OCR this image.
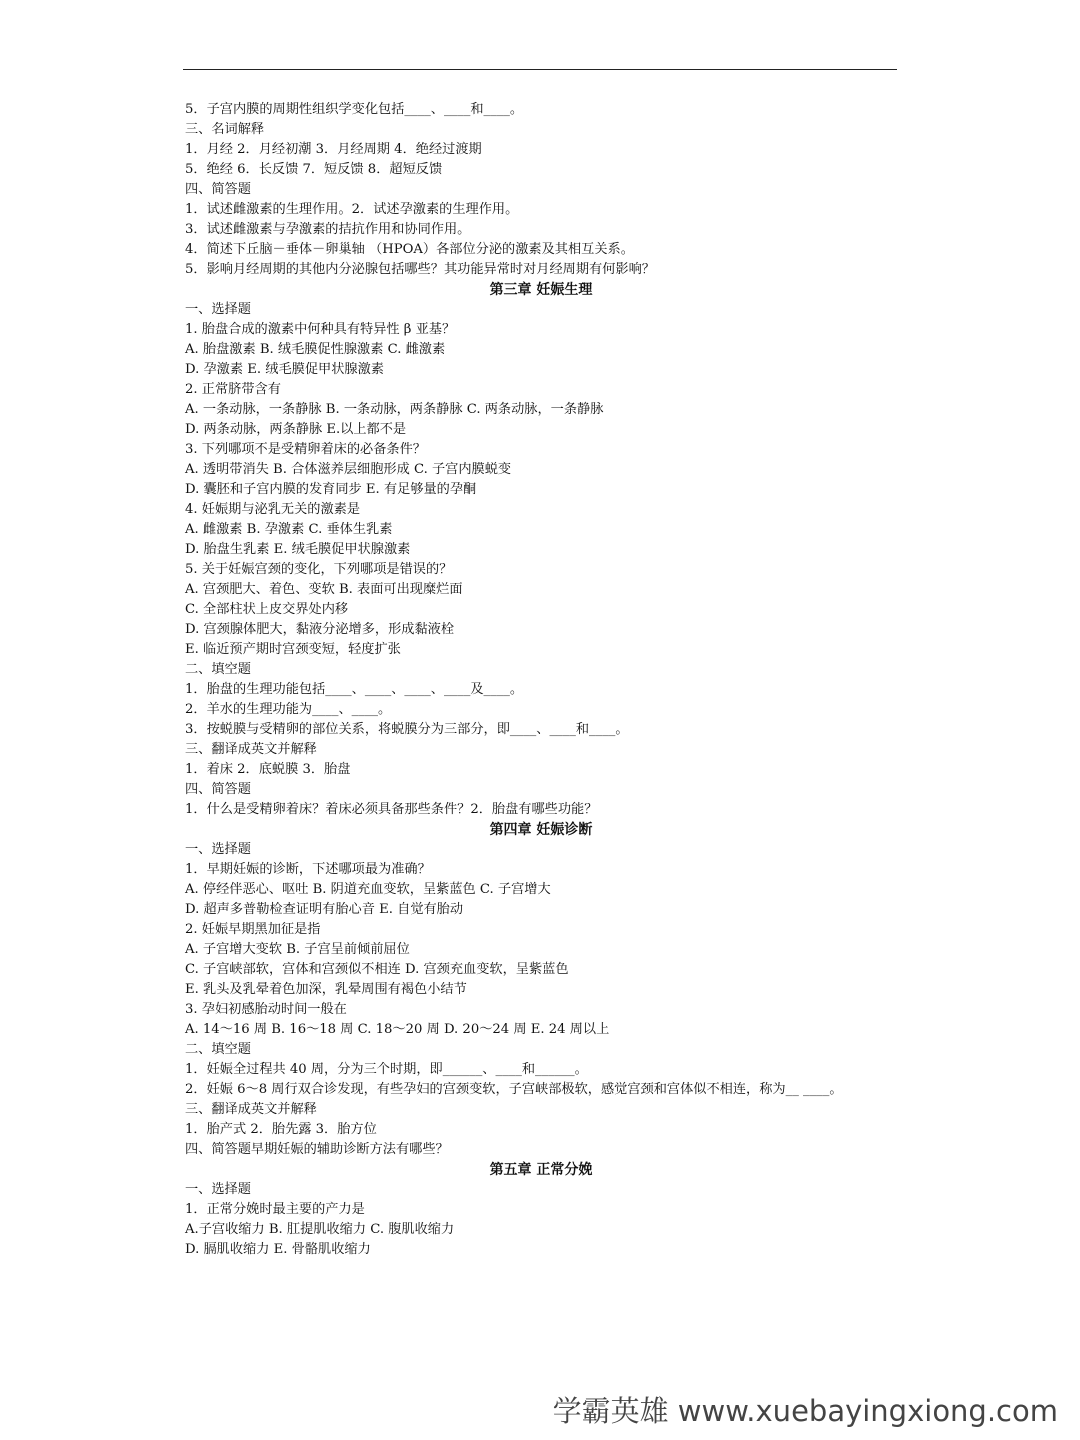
5．子宫内膜的周期性组织学变化包括____、____和____。
三、名词解释
1．月经 2．月经初潮 3．月经周期 4．绝经过渡期
5．绝经 6．长反馈 7．短反馈 8．超短反馈
四、简答题
1．试述雌激素的生理作用。2．试述孕激素的生理作用。
3．试述雌激素与孕激素的拮抗作用和协同作用。
4．简述下丘脑－垂体－卵巢轴 （HPOA）各部位分泌的激素及其相互关系。
5．影响月经周期的其他内分泌腺包括哪些？其功能异常时对月经周期有何影响？
第三章 妊娠生理
一、选择题
1. 胎盘合成的激素中何种具有特异性 β 亚基？
A. 胎盘激素 B. 绒毛膜促性腺激素 C. 雌激素
D. 孕激素 E. 绒毛膜促甲状腺激素
2. 正常脐带含有
A. 一条动脉，一条静脉 B. 一条动脉，两条静脉 C. 两条动脉，一条静脉
D. 两条动脉，两条静脉 E.以上都不是
3. 下列哪项不是受精卵着床的必备条件？
A. 透明带消失 B. 合体滋养层细胞形成 C. 子宫内膜蜕变
D. 囊胚和子宫内膜的发育同步 E. 有足够量的孕酮
4. 妊娠期与泌乳无关的激素是
A. 雌激素 B. 孕激素 C. 垂体生乳素
D. 胎盘生乳素 E. 绒毛膜促甲状腺激素
5. 关于妊娠宫颈的变化，下列哪项是错误的？
A. 宫颈肥大、着色、变软 B. 表面可出现糜烂面
C. 全部柱状上皮交界处内移
D. 宫颈腺体肥大，黏液分泌增多，形成黏液栓
E. 临近预产期时宫颈变短，轻度扩张
二、填空题
1．胎盘的生理功能包括____、____、____、____及____。
2．羊水的生理功能为____、____。
3．按蜕膜与受精卵的部位关系，将蜕膜分为三部分，即____、____和____。
三、翻译成英文并解释
1．着床 2．底蜕膜 3．胎盘
四、简答题
1．什么是受精卵着床？着床必须具备那些条件？2．胎盘有哪些功能？
第四章 妊娠诊断
一、选择题
1．早期妊娠的诊断，下述哪项最为准确？
A. 停经伴恶心、呕吐 B. 阴道充血变软，呈紫蓝色 C. 子宫增大
D. 超声多普勒检查证明有胎心音 E. 自觉有胎动
2. 妊娠早期黑加征是指
A. 子宫增大变软 B. 子宫呈前倾前屈位
C. 子宫峡部软，宫体和宫颈似不相连 D. 宫颈充血变软，呈紫蓝色
E. 乳头及乳晕着色加深，乳晕周围有褐色小结节
3. 孕妇初感胎动时间一般在
A. 14～16 周 B. 16～18 周 C. 18～20 周 D. 20～24 周 E. 24 周以上
二、填空题
1．妊娠全过程共 40 周，分为三个时期，即______、____和______。
2．妊娠 6～8 周行双合诊发现，有些孕妇的宫颈变软，子宫峡部极软，感觉宫颈和宫体似不相连，称为__ ____。
三、翻译成英文并解释
1．胎产式 2．胎先露 3．胎方位
四、简答题早期妊娠的辅助诊断方法有哪些？
第五章 正常分娩
一、选择题
1．正常分娩时最主要的产力是
A.子宫收缩力 B. 肛提肌收缩力 C. 腹肌收缩力
D. 膈肌收缩力 E. 骨骼肌收缩力
学霸英雄 www.xuebayingxiong.com
